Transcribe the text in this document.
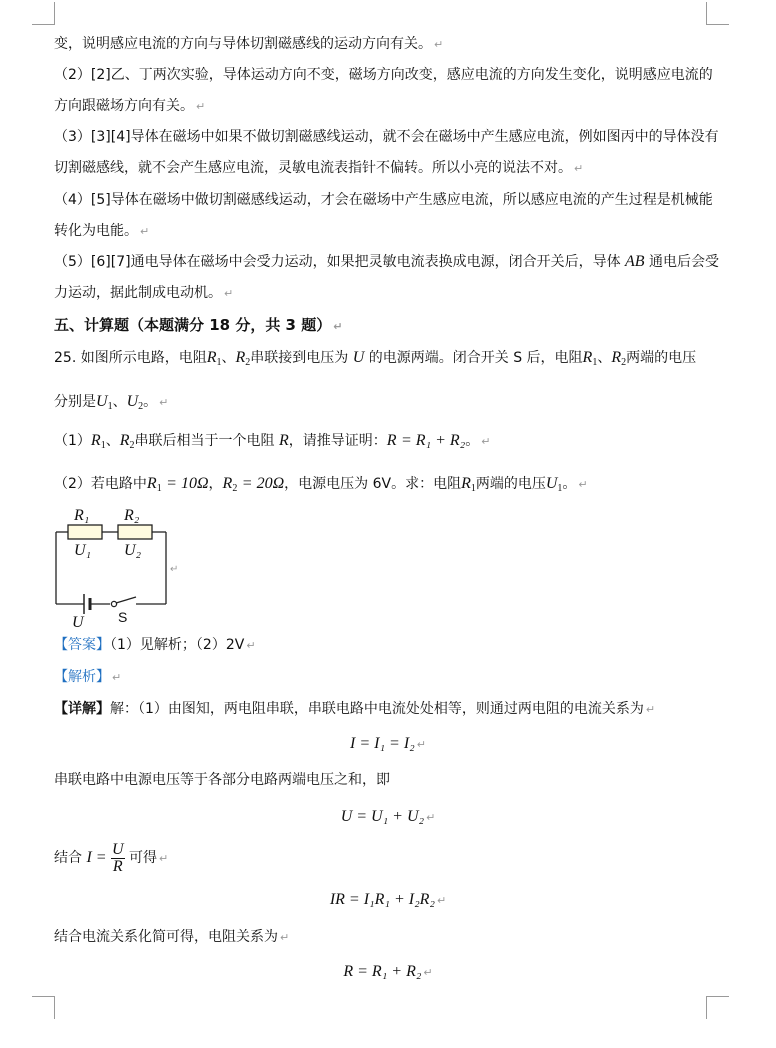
变，说明感应电流的方向与导体切割磁感线的运动方向有关。 ↵
（2）[2]乙、丁两次实验，导体运动方向不变，磁场方向改变，感应电流的方向发生变化，说明感应电流的
方向跟磁场方向有关。 ↵
（3）[3][4]导体在磁场中如果不做切割磁感线运动，就不会在磁场中产生感应电流，例如图丙中的导体没有
切割磁感线，就不会产生感应电流，灵敏电流表指针不偏转。所以小亮的说法不对。 ↵
（4）[5]导体在磁场中做切割磁感线运动，才会在磁场中产生感应电流，所以感应电流的产生过程是机械能
转化为电能。 ↵
（5）[6][7]通电导体在磁场中会受力运动，如果把灵敏电流表换成电源，闭合开关后，导体 AB 通电后会受
力运动，据此制成电动机。 ↵
五、计算题（本题满分 18 分，共 3 题） ↵
25. 如图所示电路，电阻$R_1$、$R_2$串联接到电压为 U 的电源两端。闭合开关 S 后，电阻$R_1$、$R_2$两端的电压
分别是$U_1$、$U_2$。 ↵
$(1)R_1$、$R_2$串联后相当于一个电阻 R，请推导证明：R = R₁ + R₂。 ↵
（2）若电路中$R_1 = 10\Omega$，$R_2 = 20\Omega$，电源电压为 6V。求：电阻$R_1$两端的电压$U_1$。 ↵
R₁ R₂
U₁ U₂
U S
↵
【答案】（1）见解析；（2）2V ↵
【解析】 ↵
【详解】解：（1）由图知，两电阻串联，串联电路中电流处处相等，则通过两电阻的电流关系为 ↵
I = I₁ = I₂ ↵
串联电路中电源电压等于各部分电路两端电压之和，即
U = U₁ + U₂ ↵
结合 $I = \frac{U}{R}$ 可得 ↵
IR = I₁R₁ + I₂R₂ ↵
结合电流关系化简可得，电阻关系为 ↵
R = R₁ + R₂ ↵
